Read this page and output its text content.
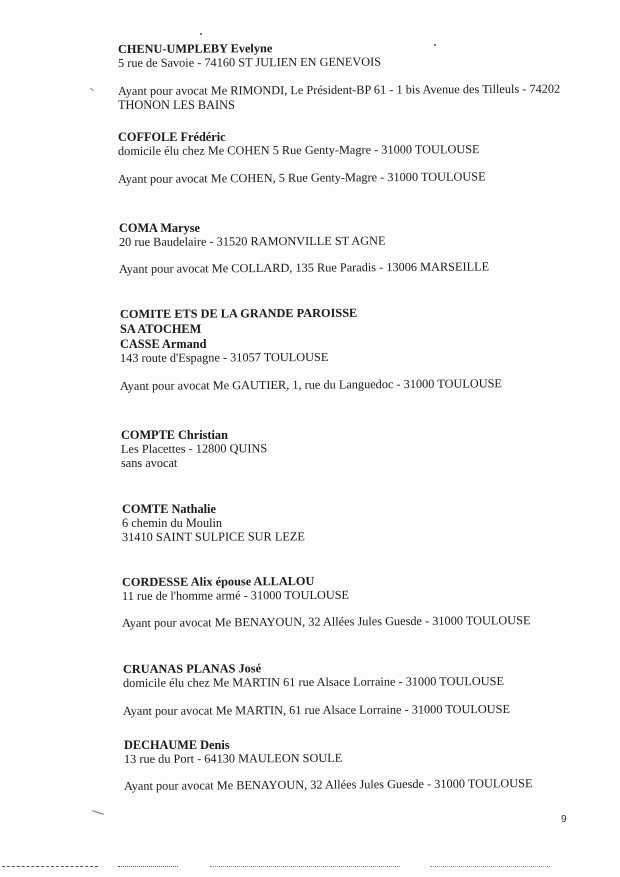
CHENU-UMPLEBY Evelyne
5 rue de Savoie - 74160 ST JULIEN EN GENEVOIS
Ayant pour avocat Me RIMONDI, Le Président-BP 61 - 1 bis Avenue des Tilleuls - 74202
THONON LES BAINS
COFFOLE Frédéric
domicile élu chez Me COHEN 5 Rue Genty-Magre - 31000 TOULOUSE
Ayant pour avocat Me COHEN, 5 Rue Genty-Magre - 31000 TOULOUSE
COMA Maryse
20 rue Baudelaire - 31520 RAMONVILLE ST AGNE
Ayant pour avocat Me COLLARD, 135 Rue Paradis - 13006 MARSEILLE
COMITE ETS DE LA GRANDE PAROISSE
SA ATOCHEM
CASSE Armand
143 route d'Espagne - 31057 TOULOUSE
Ayant pour avocat Me GAUTIER, 1, rue du Languedoc - 31000 TOULOUSE
COMPTE Christian
Les Placettes - 12800 QUINS
sans avocat
COMTE Nathalie
6 chemin du Moulin
31410 SAINT SULPICE SUR LEZE
CORDESSE Alix épouse ALLALOU
11 rue de l'homme armé - 31000 TOULOUSE
Ayant pour avocat Me BENAYOUN, 32 Allées Jules Guesde - 31000 TOULOUSE
CRUANAS PLANAS José
domicile élu chez Me MARTIN 61 rue Alsace Lorraine - 31000 TOULOUSE
Ayant pour avocat Me MARTIN, 61 rue Alsace Lorraine - 31000 TOULOUSE
DECHAUME Denis
13 rue du Port - 64130 MAULEON SOULE
Ayant pour avocat Me BENAYOUN, 32 Allées Jules Guesde - 31000 TOULOUSE
9
